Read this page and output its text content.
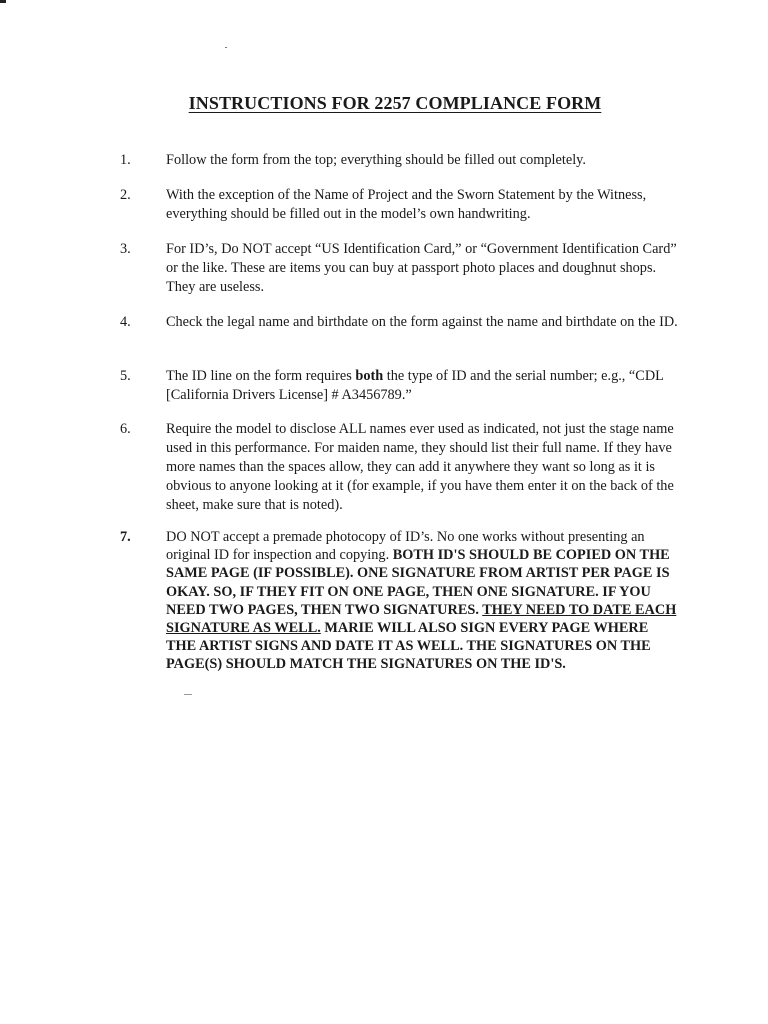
INSTRUCTIONS FOR 2257 COMPLIANCE FORM
1. Follow the form from the top; everything should be filled out completely.
2. With the exception of the Name of Project and the Sworn Statement by the Witness, everything should be filled out in the model’s own handwriting.
3. For ID’s, Do NOT accept “US Identification Card,” or “Government Identification Card” or the like. These are items you can buy at passport photo places and doughnut shops. They are useless.
4. Check the legal name and birthdate on the form against the name and birthdate on the ID.
5. The ID line on the form requires both the type of ID and the serial number; e.g., “CDL [California Drivers License] # A3456789.”
6. Require the model to disclose ALL names ever used as indicated, not just the stage name used in this performance. For maiden name, they should list their full name. If they have more names than the spaces allow, they can add it anywhere they want so long as it is obvious to anyone looking at it (for example, if you have them enter it on the back of the sheet, make sure that is noted).
7. DO NOT accept a premade photocopy of ID’s. No one works without presenting an original ID for inspection and copying. BOTH ID'S SHOULD BE COPIED ON THE SAME PAGE (IF POSSIBLE). ONE SIGNATURE FROM ARTIST PER PAGE IS OKAY. SO, IF THEY FIT ON ONE PAGE, THEN ONE SIGNATURE. IF YOU NEED TWO PAGES, THEN TWO SIGNATURES. THEY NEED TO DATE EACH SIGNATURE AS WELL. MARIE WILL ALSO SIGN EVERY PAGE WHERE THE ARTIST SIGNS AND DATE IT AS WELL. THE SIGNATURES ON THE PAGE(S) SHOULD MATCH THE SIGNATURES ON THE ID'S.
